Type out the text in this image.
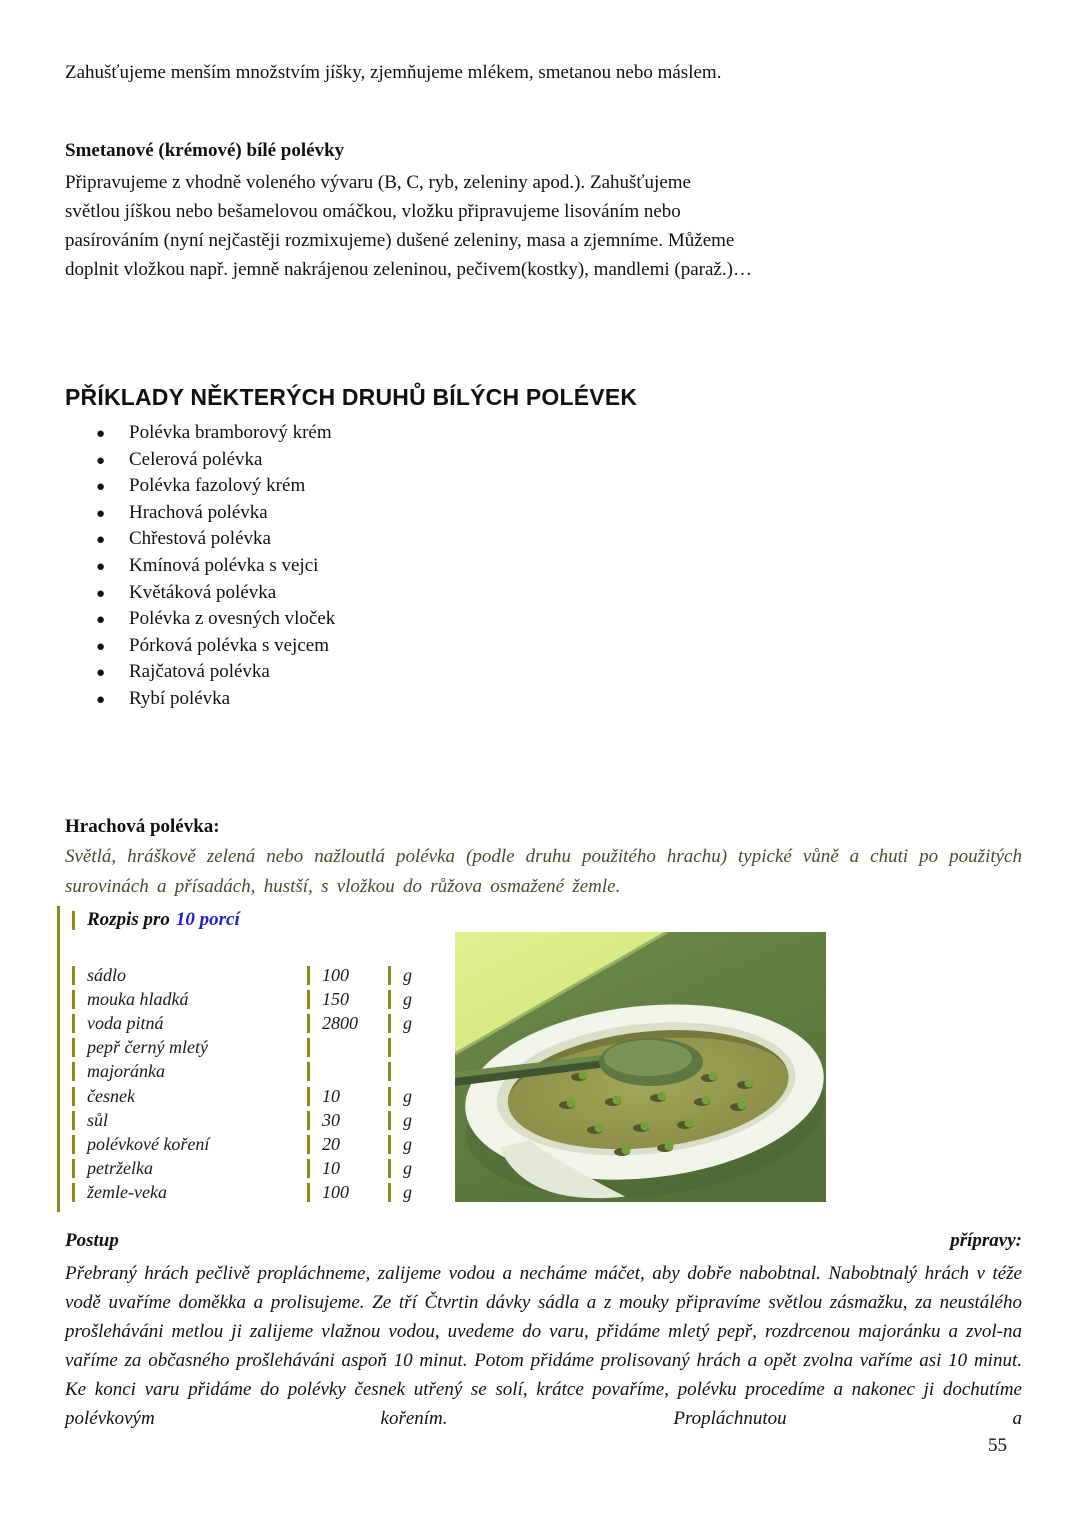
Zahušťujeme menším množstvím jíšky, zjemňujeme mlékem, smetanou nebo máslem.
Smetanové (krémové) bílé polévky
Připravujeme z vhodně voleného vývaru (B, C, ryb, zeleniny apod.). Zahušťujeme
světlou jíškou nebo bešamelovou omáčkou, vložku připravujeme lisováním nebo
pasírováním (nyní nejčastěji rozmixujeme) dušené zeleniny, masa a zjemníme. Můžeme
doplnit vložkou např. jemně nakrájenou zeleninou, pečivem(kostky), mandlemi (paraž.)…
PŘÍKLADY NĚKTERÝCH DRUHŮ BÍLÝCH POLÉVEK
●	Polévka bramborový krém
●	Celerová polévka
●	Polévka fazolový krém
●	Hrachová polévka
●	Chřestová polévka
●	Kmínová polévka s vejci
●	Květáková polévka
●	Polévka z ovesných vloček
●	Pórková polévka s vejcem
●	Rajčatová polévka
●	Rybí polévka
Hrachová polévka:
Světlá, hráškově zelená nebo nažloutlá polévka (podle druhu použitého hrachu) typické vůně a chuti po použitých surovinách a přísadách, hustší, s vložkou do růžova osmažené žemle.
Rozpis pro 10 porcí
sádlo	100	g
mouka hladká	150	g
voda pitná	2800	g
pepř černý mletý
majoránka
česnek	10	g
sůl	30	g
polévkové koření	20	g
petrželka	10	g
žemle-veka	100	g
Postup	přípravy:
Přebraný hrách pečlivě propláchneme, zalijeme vodou a necháme máčet, aby dobře nabobtnal. Nabobtnalý hrách v téže vodě uvaříme doměkka a prolisujeme. Ze tří Čtvrtin dávky sádla a z mouky připravíme světlou zásmažku, za neustálého prošleháváni metlou ji zalijeme vlažnou vodou, uvedeme do varu, přidáme mletý pepř, rozdrcenou majoránku a zvol-na vaříme za občasného prošleháváni aspoň 10 minut. Potom přidáme prolisovaný hrách a opět zvolna vaříme asi 10 minut. Ke konci varu přidáme do polévky česnek utřený se solí, krátce povaříme, polévku procedíme a nakonec ji dochutíme polévkovým kořením. Propláchnutou a
55
